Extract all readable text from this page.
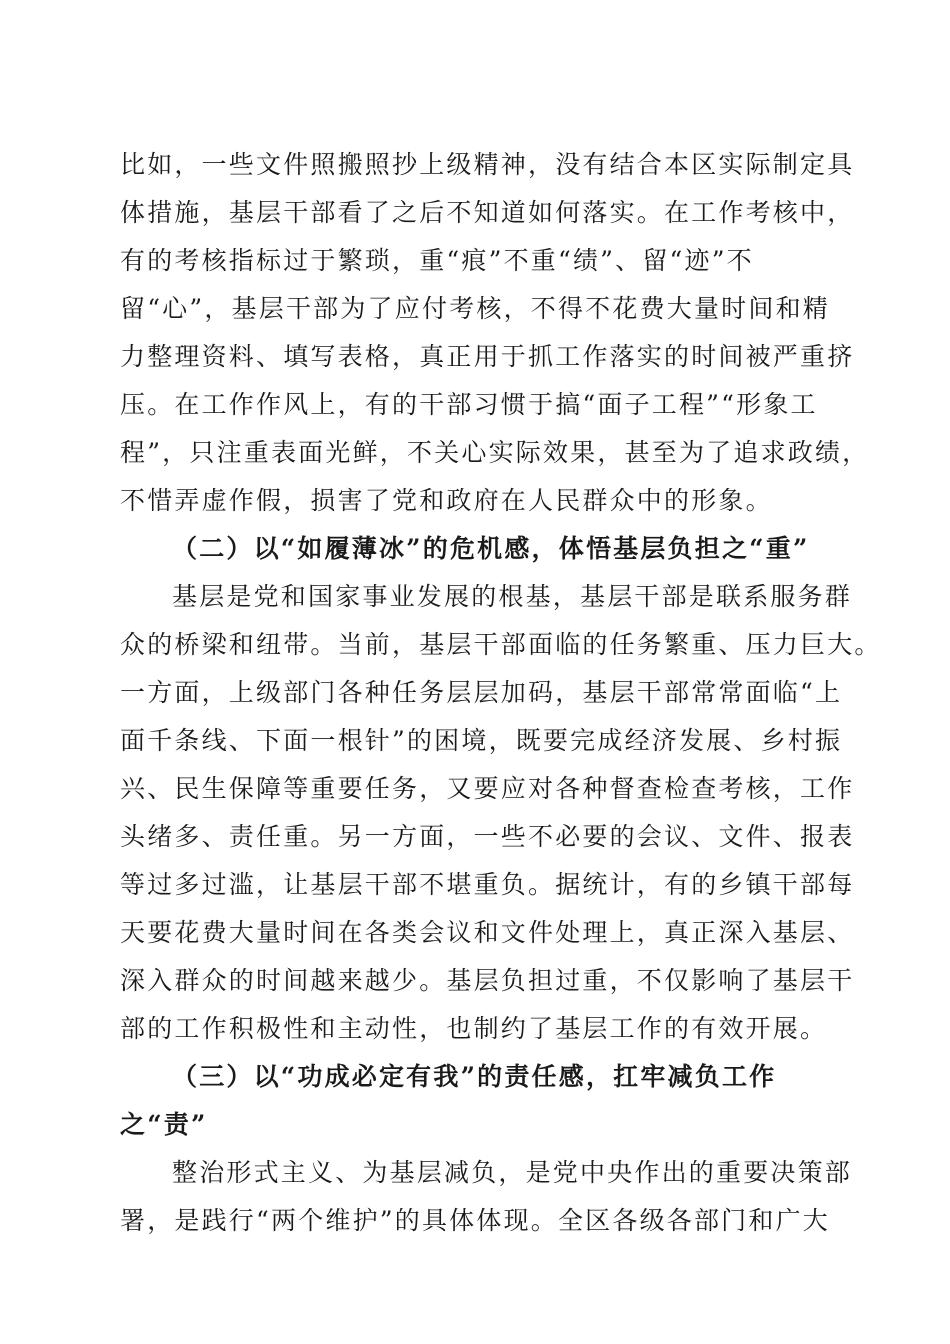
比如，一些文件照搬照抄上级精神，没有结合本区实际制定具
体措施，基层干部看了之后不知道如何落实。在工作考核中，
有的考核指标过于繁琐，重“痕”不重“绩”、留“迹”不
留“心”，基层干部为了应付考核，不得不花费大量时间和精
力整理资料、填写表格，真正用于抓工作落实的时间被严重挤
压。在工作作风上，有的干部习惯于搞“面子工程”“形象工
程”，只注重表面光鲜，不关心实际效果，甚至为了追求政绩，
不惜弄虚作假，损害了党和政府在人民群众中的形象。
（二）以“如履薄冰”的危机感，体悟基层负担之“重”
基层是党和国家事业发展的根基，基层干部是联系服务群
众的桥梁和纽带。当前，基层干部面临的任务繁重、压力巨大。
一方面，上级部门各种任务层层加码，基层干部常常面临“上
面千条线、下面一根针”的困境，既要完成经济发展、乡村振
兴、民生保障等重要任务，又要应对各种督查检查考核，工作
头绪多、责任重。另一方面，一些不必要的会议、文件、报表
等过多过滥，让基层干部不堪重负。据统计，有的乡镇干部每
天要花费大量时间在各类会议和文件处理上，真正深入基层、
深入群众的时间越来越少。基层负担过重，不仅影响了基层干
部的工作积极性和主动性，也制约了基层工作的有效开展。
（三）以“功成必定有我”的责任感，扛牢减负工作
之“责”
整治形式主义、为基层减负，是党中央作出的重要决策部
署，是践行“两个维护”的具体体现。全区各级各部门和广大
